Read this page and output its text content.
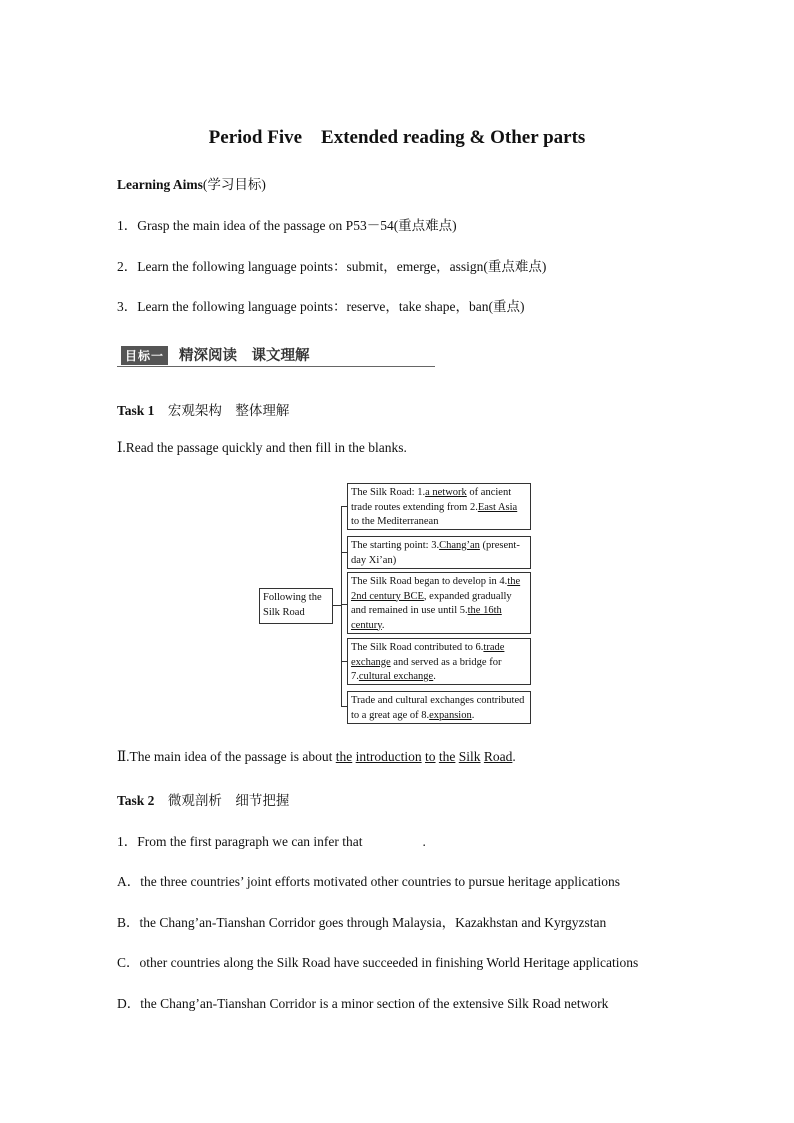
Period Five　Extended reading & Other parts
Learning Aims(学习目标)
1．Grasp the main idea of the passage on P53－54(重点难点)
2．Learn the following language points：submit，emerge，assign(重点难点)
3．Learn the following language points：reserve，take shape，ban(重点)
目标一 精深阅读　课文理解
Task 1 宏观架构　整体理解
Ⅰ.Read the passage quickly and then fill in the blanks.
Following the Silk Road
The Silk Road: 1.a network of ancient trade routes extending from 2.East Asia to the Mediterranean
The starting point: 3.Chang’an (present-day Xi’an)
The Silk Road began to develop in 4.the 2nd century BCE, expanded gradually and remained in use until 5.the 16th century.
The Silk Road contributed to 6.trade exchange and served as a bridge for 7.cultural exchange.
Trade and cultural exchanges contributed to a great age of 8.expansion.
Ⅱ.The main idea of the passage is about the introduction to the Silk Road.
Task 2 微观剖析　细节把握
1．From the first paragraph we can infer that	.
A．the three countries’ joint efforts motivated other countries to pursue heritage applications
B．the Chang’an-Tianshan Corridor goes through Malaysia，Kazakhstan and Kyrgyzstan
C．other countries along the Silk Road have succeeded in finishing World Heritage applications
D．the Chang’an-Tianshan Corridor is a minor section of the extensive Silk Road network
